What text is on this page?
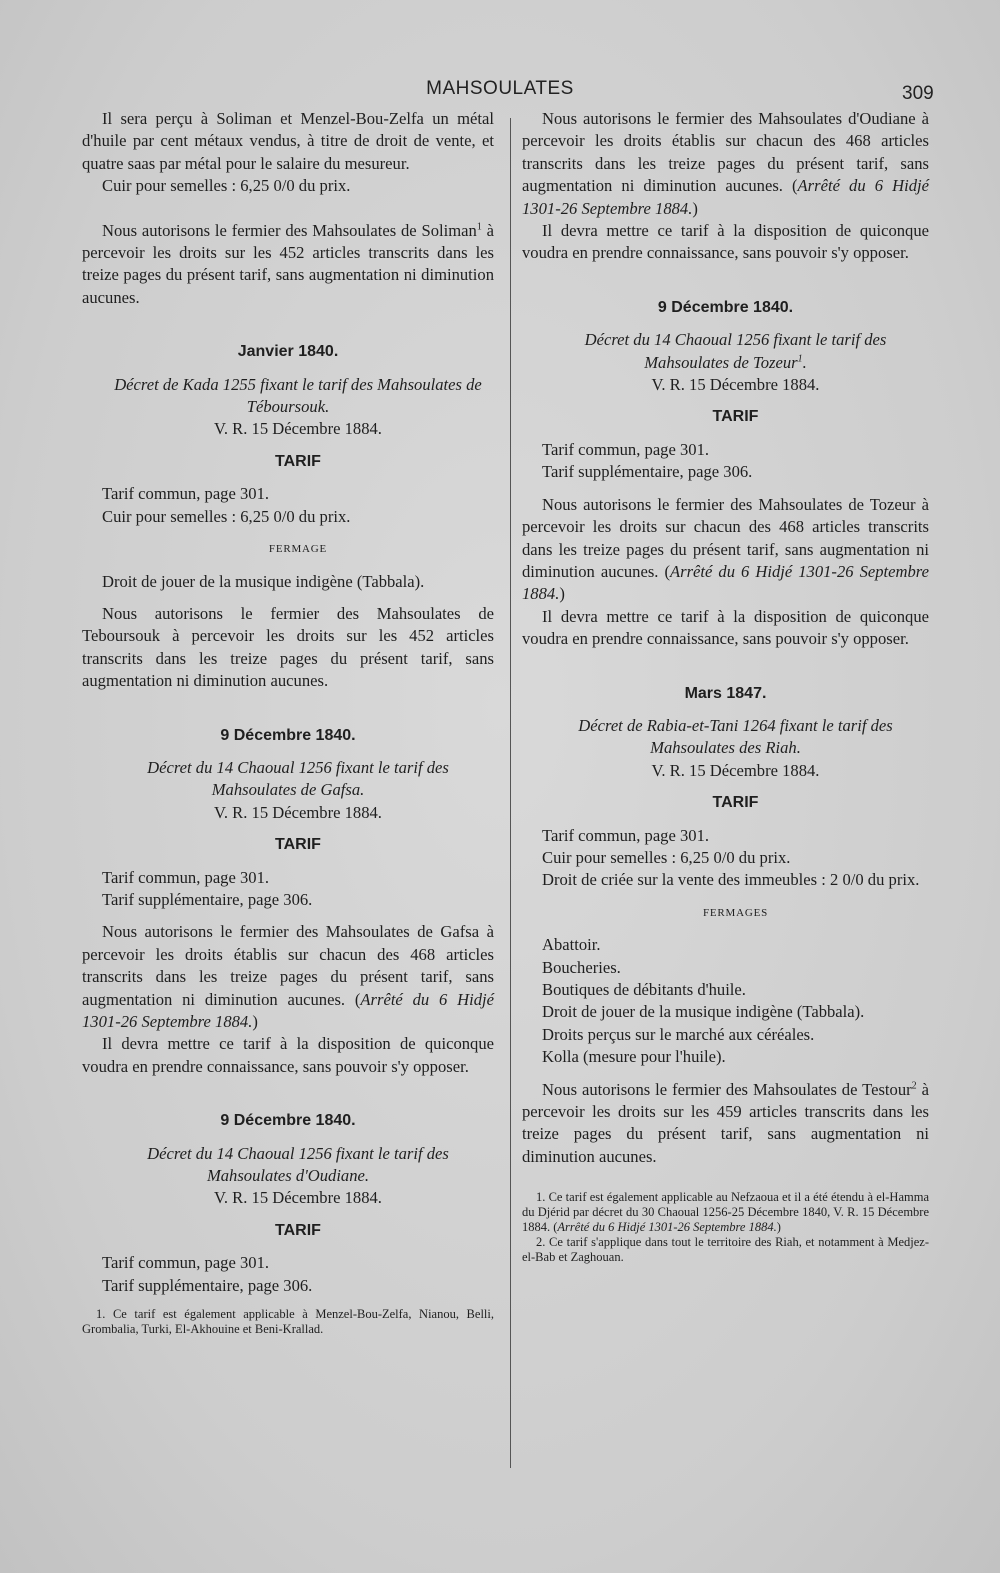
MAHSOULATES	309

Il sera perçu à Soliman et Menzel-Bou-Zelfa un métal d'huile par cent métaux vendus, à titre de droit de vente, et quatre saas par métal pour le salaire du mesureur.

Cuir pour semelles : 6,25 0/0 du prix.

Nous autorisons le fermier des Mahsoulates de Soliman$^1$ à percevoir les droits sur les 452 articles transcrits dans les treize pages du présent tarif, sans augmentation ni diminution aucunes.

Janvier 1840.

Décret de Kada 1255 fixant le tarif des Mahsoulates de Téboursouk.

V. R. 15 Décembre 1884.

TARIF

Tarif commun, page 301.

Cuir pour semelles : 6,25 0/0 du prix.

FERMAGE

Droit de jouer de la musique indigène (Tabbala).

Nous autorisons le fermier des Mahsoulates de Teboursouk à percevoir les droits sur les 452 articles transcrits dans les treize pages du présent tarif, sans augmentation ni diminution aucunes.

9 Décembre 1840.

Décret du 14 Chaoual 1256 fixant le tarif des Mahsoulates de Gafsa.

V. R. 15 Décembre 1884.

TARIF

Tarif commun, page 301.

Tarif supplémentaire, page 306.

Nous autorisons le fermier des Mahsoulates de Gafsa à percevoir les droits établis sur chacun des 468 articles transcrits dans les treize pages du présent tarif, sans augmentation ni diminution aucunes. (Arrêté du 6 Hidjé 1301-26 Septembre 1884.)

Il devra mettre ce tarif à la disposition de quiconque voudra en prendre connaissance, sans pouvoir s'y opposer.

9 Décembre 1840.

Décret du 14 Chaoual 1256 fixant le tarif des Mahsoulates d'Oudiane.

V. R. 15 Décembre 1884.

TARIF

Tarif commun, page 301.

Tarif supplémentaire, page 306.

1. Ce tarif est également applicable à Menzel-Bou-Zelfa, Nianou, Belli, Grombalia, Turki, El-Akhouine et Beni-Krallad.

Nous autorisons le fermier des Mahsoulates d'Oudiane à percevoir les droits établis sur chacun des 468 articles transcrits dans les treize pages du présent tarif, sans augmentation ni diminution aucunes. (Arrêté du 6 Hidjé 1301-26 Septembre 1884.)

Il devra mettre ce tarif à la disposition de quiconque voudra en prendre connaissance, sans pouvoir s'y opposer.

9 Décembre 1840.

Décret du 14 Chaoual 1256 fixant le tarif des Mahsoulates de Tozeur$^1$.

V. R. 15 Décembre 1884.

TARIF

Tarif commun, page 301.

Tarif supplémentaire, page 306.

Nous autorisons le fermier des Mahsoulates de Tozeur à percevoir les droits sur chacun des 468 articles transcrits dans les treize pages du présent tarif, sans augmentation ni diminution aucunes. (Arrêté du 6 Hidjé 1301-26 Septembre 1884.)

Il devra mettre ce tarif à la disposition de quiconque voudra en prendre connaissance, sans pouvoir s'y opposer.

Mars 1847.

Décret de Rabia-et-Tani 1264 fixant le tarif des Mahsoulates des Riah.

V. R. 15 Décembre 1884.

TARIF

Tarif commun, page 301.

Cuir pour semelles : 6,25 0/0 du prix.

Droit de criée sur la vente des immeubles : 2 0/0 du prix.

FERMAGES

Abattoir.

Boucheries.

Boutiques de débitants d'huile.

Droit de jouer de la musique indigène (Tabbala).

Droits perçus sur le marché aux céréales.

Kolla (mesure pour l'huile).

Nous autorisons le fermier des Mahsoulates de Testour$^2$ à percevoir les droits sur les 459 articles transcrits dans les treize pages du présent tarif, sans augmentation ni diminution aucunes.

1. Ce tarif est également applicable au Nefzaoua et il a été étendu à el-Hamma du Djérid par décret du 30 Chaoual 1256-25 Décembre 1840, V. R. 15 Décembre 1884. (Arrêté du 6 Hidjé 1301-26 Septembre 1884.)

2. Ce tarif s'applique dans tout le territoire des Riah, et notamment à Medjez-el-Bab et Zaghouan.
